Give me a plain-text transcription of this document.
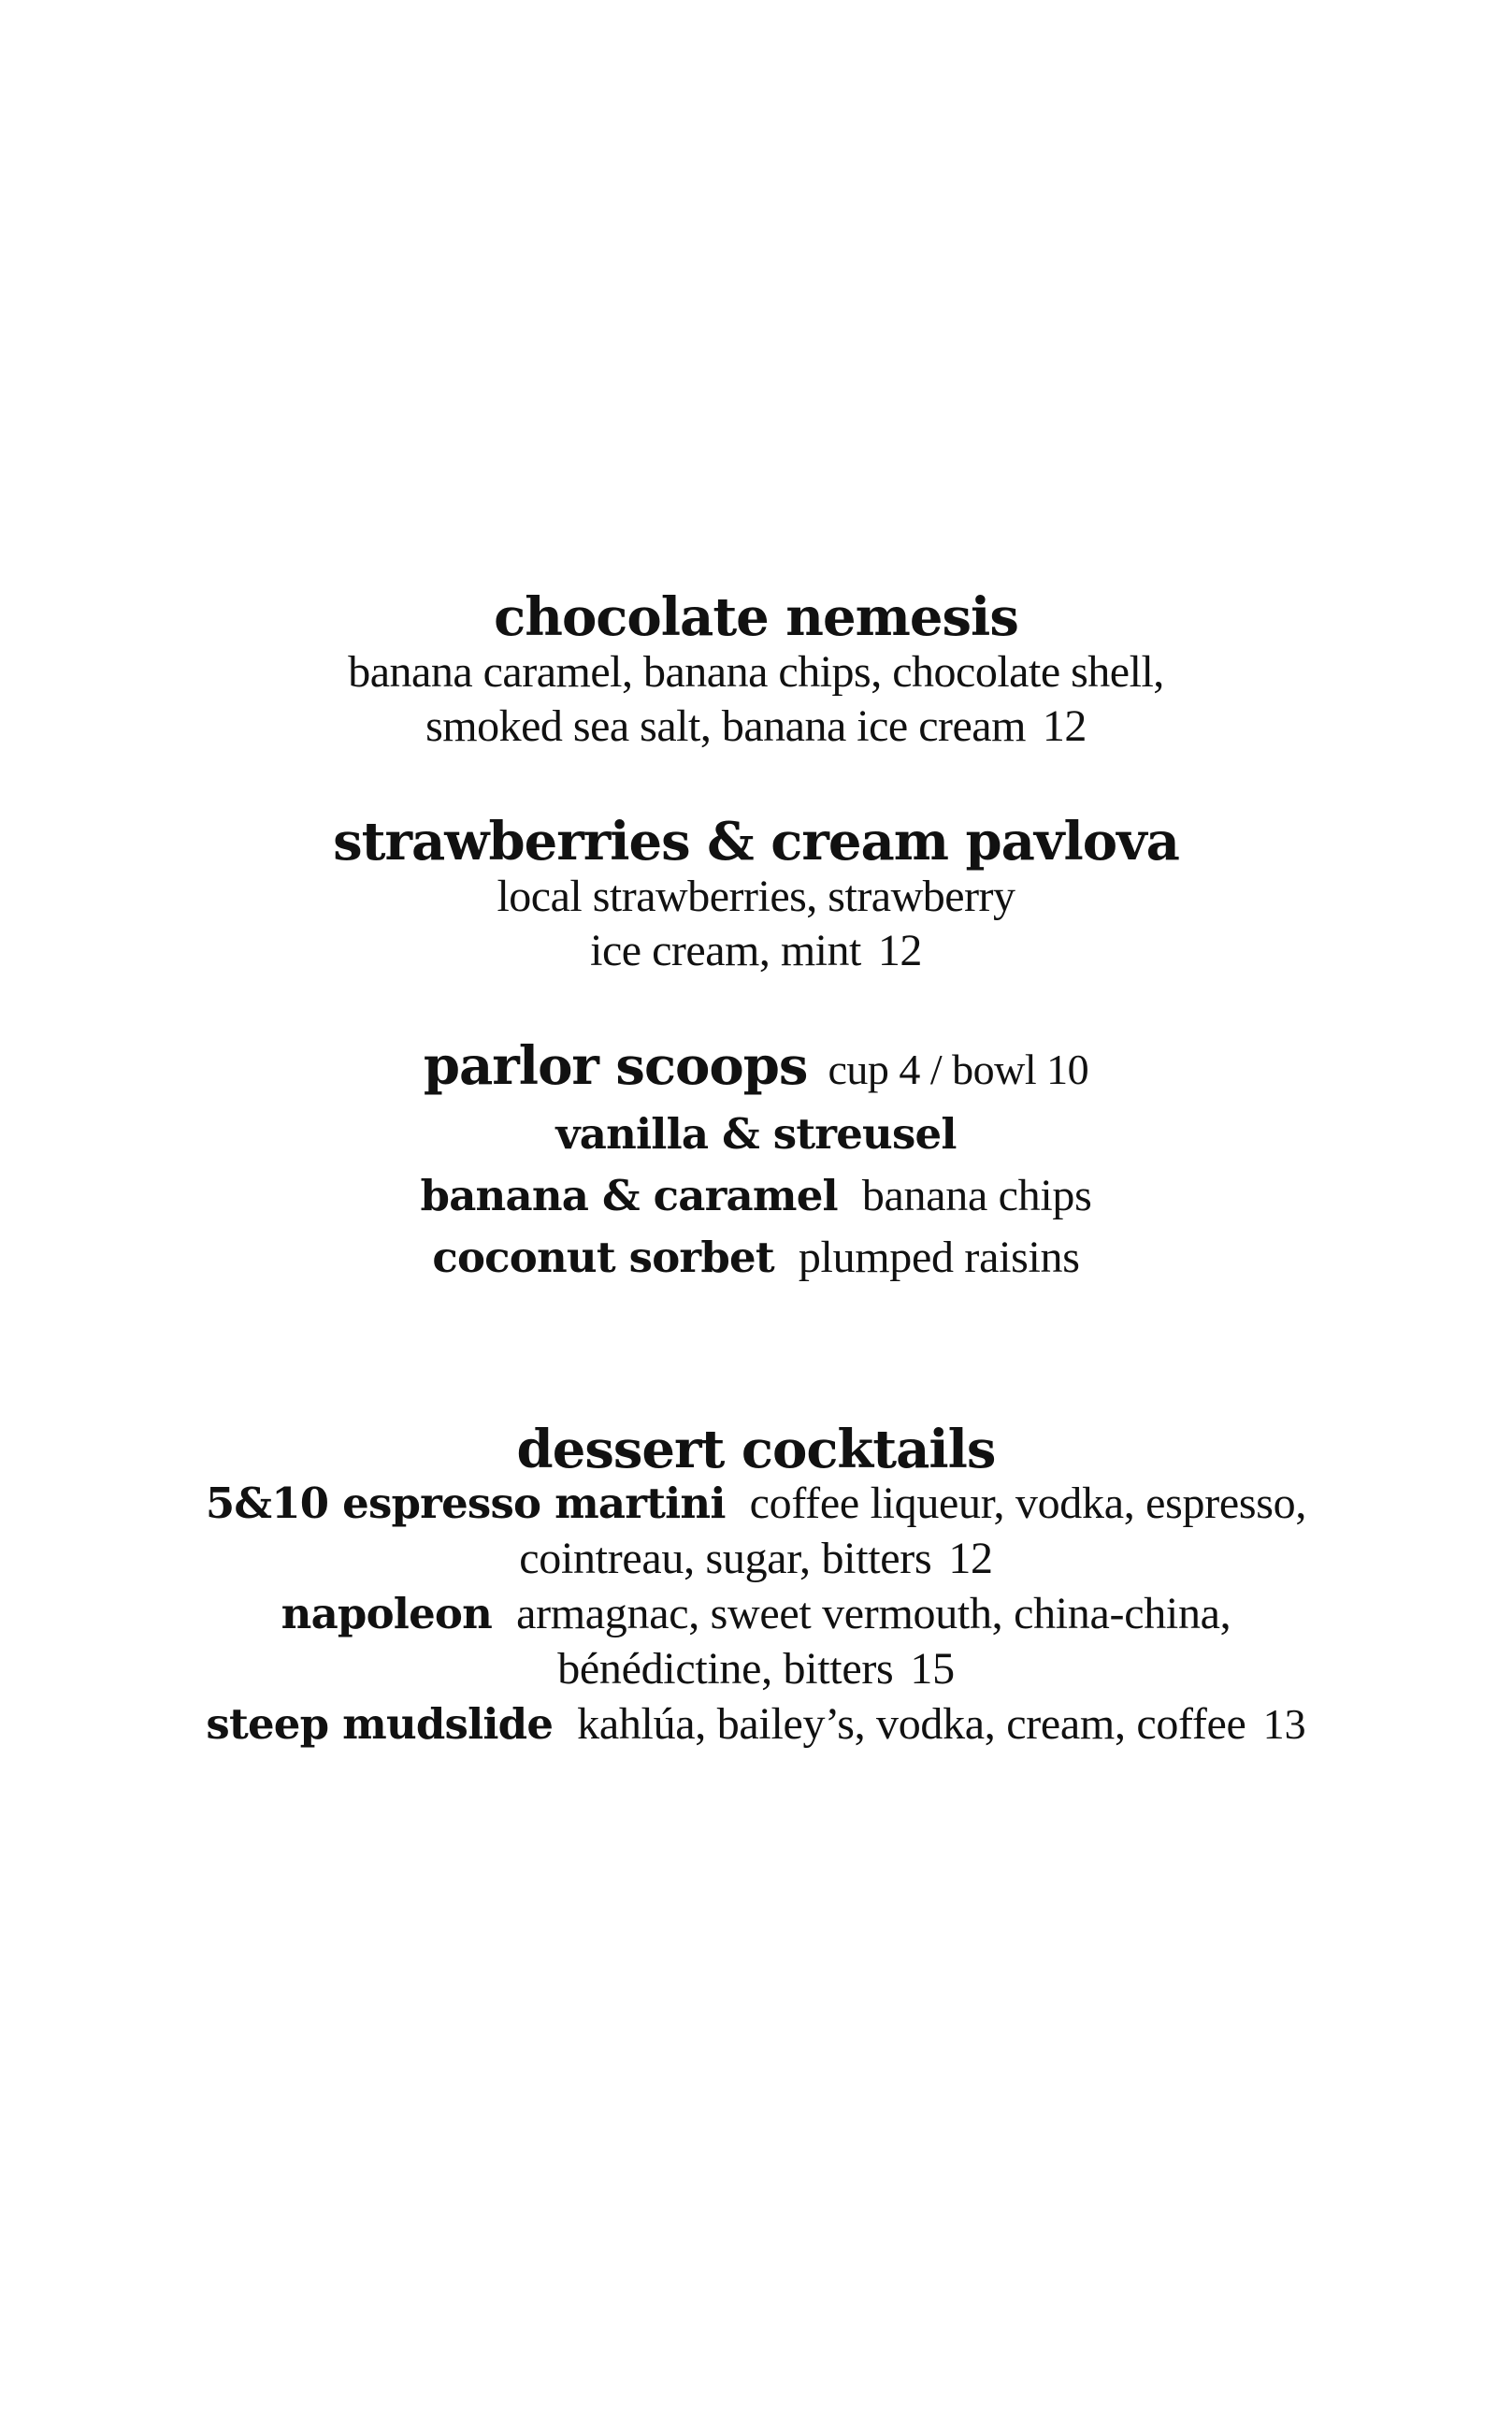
chocolate nemesis

banana caramel, banana chips, chocolate shell,

smoked sea salt, banana ice cream 12

strawberries & cream pavlova

local strawberries, strawberry

ice cream, mint 12

parlor scoops cup 4 / bowl 10

vanilla & streusel

banana & caramel banana chips

coconut sorbet plumped raisins

dessert cocktails

5&10 espresso martini coffee liqueur, vodka, espresso,

cointreau, sugar, bitters 12

napoleon armagnac, sweet vermouth, china-china,

bénédictine, bitters 15

steep mudslide kahlúa, bailey’s, vodka, cream, coffee 13
